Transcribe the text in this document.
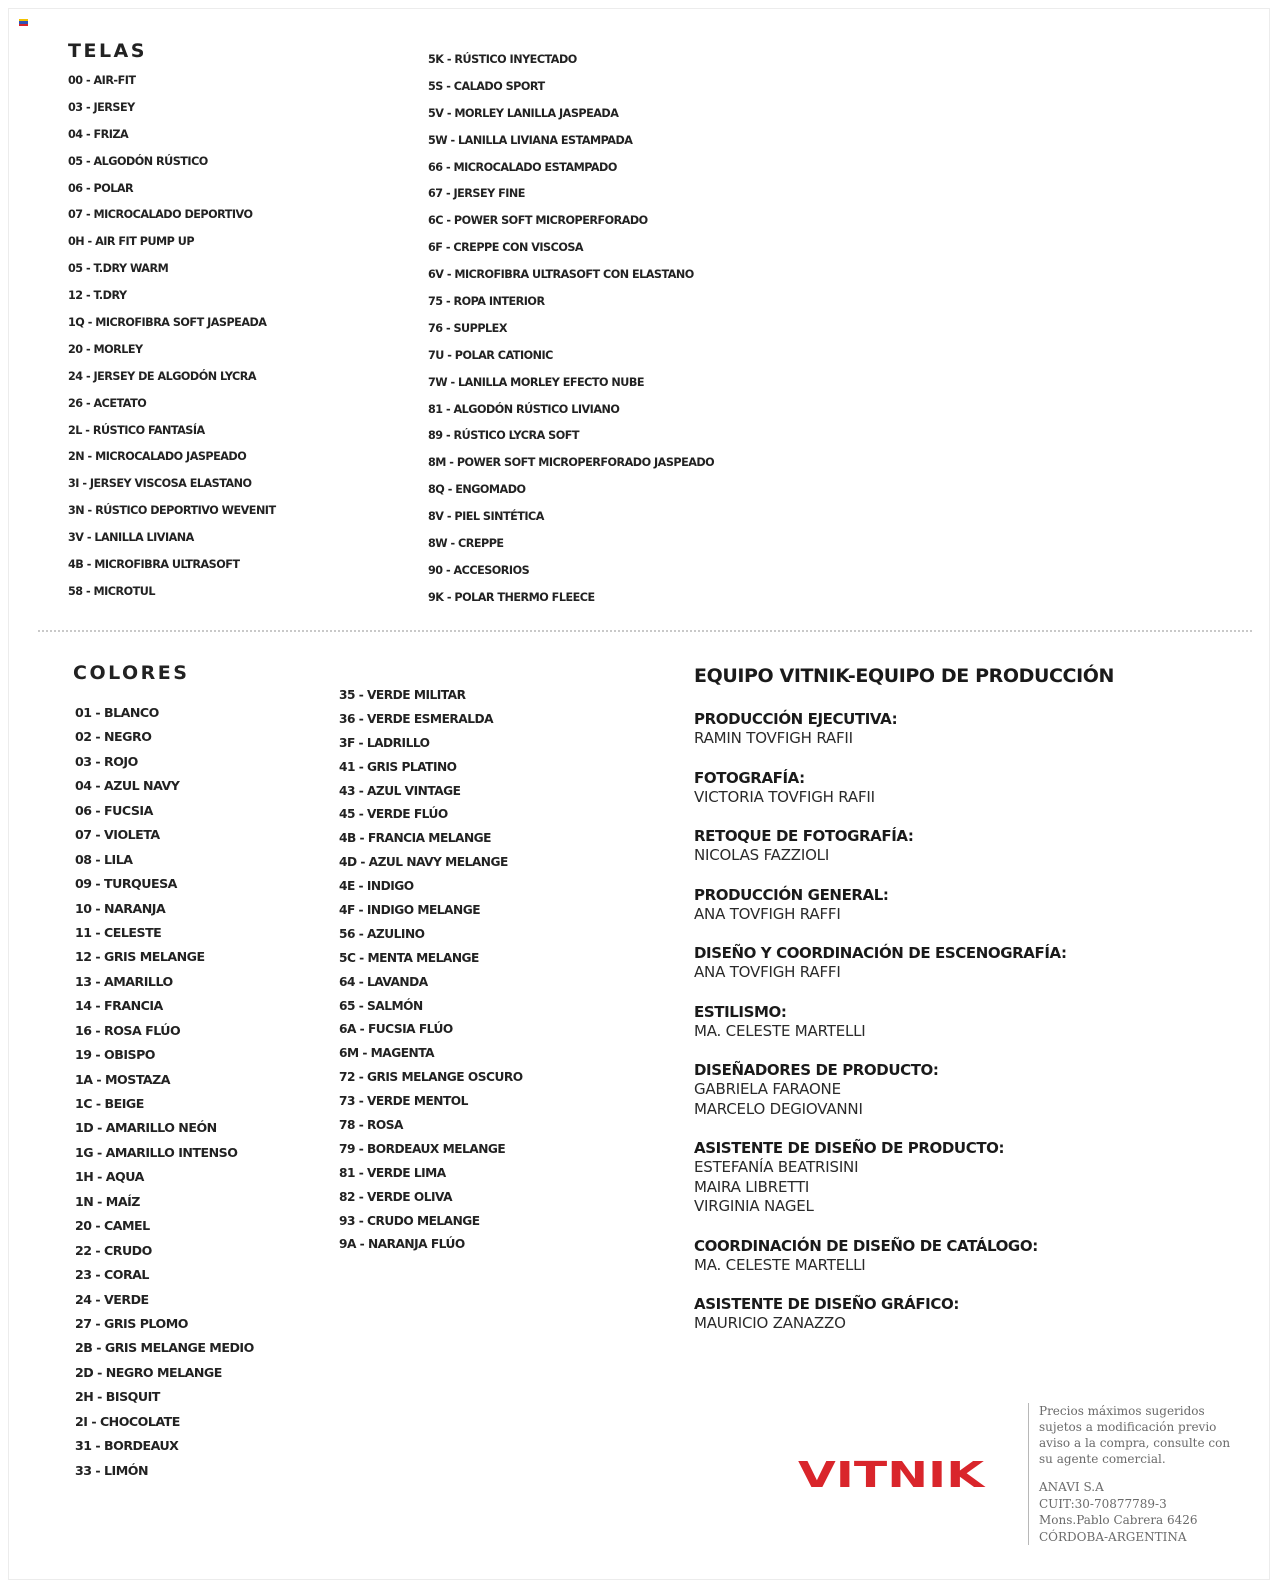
TELAS
00 - AIR-FIT
03 - JERSEY
04 - FRIZA
05 - ALGODÓN RÚSTICO
06 - POLAR
07 - MICROCALADO DEPORTIVO
0H - AIR FIT PUMP UP
05 - T.DRY WARM
12 - T.DRY
1Q - MICROFIBRA SOFT JASPEADA
20 - MORLEY
24 - JERSEY DE ALGODÓN LYCRA
26 - ACETATO
2L - RÚSTICO FANTASÍA
2N - MICROCALADO JASPEADO
3I - JERSEY VISCOSA ELASTANO
3N - RÚSTICO DEPORTIVO WEVENIT
3V - LANILLA LIVIANA
4B - MICROFIBRA ULTRASOFT
58 - MICROTUL
5K - RÚSTICO INYECTADO
5S - CALADO SPORT
5V - MORLEY LANILLA JASPEADA
5W - LANILLA LIVIANA ESTAMPADA
66 - MICROCALADO ESTAMPADO
67 - JERSEY FINE
6C - POWER SOFT MICROPERFORADO
6F - CREPPE CON VISCOSA
6V - MICROFIBRA ULTRASOFT CON ELASTANO
75 - ROPA INTERIOR
76 - SUPPLEX
7U - POLAR CATIONIC
7W - LANILLA MORLEY EFECTO NUBE
81 - ALGODÓN RÚSTICO LIVIANO
89 - RÚSTICO LYCRA SOFT
8M - POWER SOFT MICROPERFORADO JASPEADO
8Q - ENGOMADO
8V - PIEL SINTÉTICA
8W - CREPPE
90 - ACCESORIOS
9K - POLAR THERMO FLEECE
COLORES
01 - BLANCO
02 - NEGRO
03 - ROJO
04 - AZUL NAVY
06 - FUCSIA
07 - VIOLETA
08 - LILA
09 - TURQUESA
10 - NARANJA
11 - CELESTE
12 - GRIS MELANGE
13 - AMARILLO
14 - FRANCIA
16 - ROSA FLÚO
19 - OBISPO
1A - MOSTAZA
1C - BEIGE
1D - AMARILLO NEÓN
1G - AMARILLO INTENSO
1H - AQUA
1N - MAÍZ
20 - CAMEL
22 - CRUDO
23 - CORAL
24 - VERDE
27 - GRIS PLOMO
2B - GRIS MELANGE MEDIO
2D - NEGRO MELANGE
2H - BISQUIT
2I - CHOCOLATE
31 - BORDEAUX
33 - LIMÓN
35 - VERDE MILITAR
36 - VERDE ESMERALDA
3F - LADRILLO
41 - GRIS PLATINO
43 - AZUL VINTAGE
45 - VERDE FLÚO
4B - FRANCIA MELANGE
4D - AZUL NAVY MELANGE
4E - INDIGO
4F - INDIGO MELANGE
56 - AZULINO
5C - MENTA MELANGE
64 - LAVANDA
65 - SALMÓN
6A - FUCSIA FLÚO
6M - MAGENTA
72 - GRIS MELANGE OSCURO
73 - VERDE MENTOL
78 - ROSA
79 - BORDEAUX MELANGE
81 - VERDE LIMA
82 - VERDE OLIVA
93 - CRUDO MELANGE
9A - NARANJA FLÚO
EQUIPO VITNIK-EQUIPO DE PRODUCCIÓN
PRODUCCIÓN EJECUTIVA:
RAMIN TOVFIGH RAFII
FOTOGRAFÍA:
VICTORIA TOVFIGH RAFII
RETOQUE DE FOTOGRAFÍA:
NICOLAS FAZZIOLI
PRODUCCIÓN GENERAL:
ANA TOVFIGH RAFFI
DISEÑO Y COORDINACIÓN DE ESCENOGRAFÍA:
ANA TOVFIGH RAFFI
ESTILISMO:
MA. CELESTE MARTELLI
DISEÑADORES DE PRODUCTO:
GABRIELA FARAONE
MARCELO DEGIOVANNI
ASISTENTE DE DISEÑO DE PRODUCTO:
ESTEFANÍA BEATRISINI
MAIRA LIBRETTI
VIRGINIA NAGEL
COORDINACIÓN DE DISEÑO DE CATÁLOGO:
MA. CELESTE MARTELLI
ASISTENTE DE DISEÑO GRÁFICO:
MAURICIO ZANAZZO
VITNIK
Precios máximos sugeridos
sujetos a modificación previo
aviso a la compra, consulte con
su agente comercial.
ANAVI S.A
CUIT:30-70877789-3
Mons.Pablo Cabrera 6426
CÓRDOBA-ARGENTINA
